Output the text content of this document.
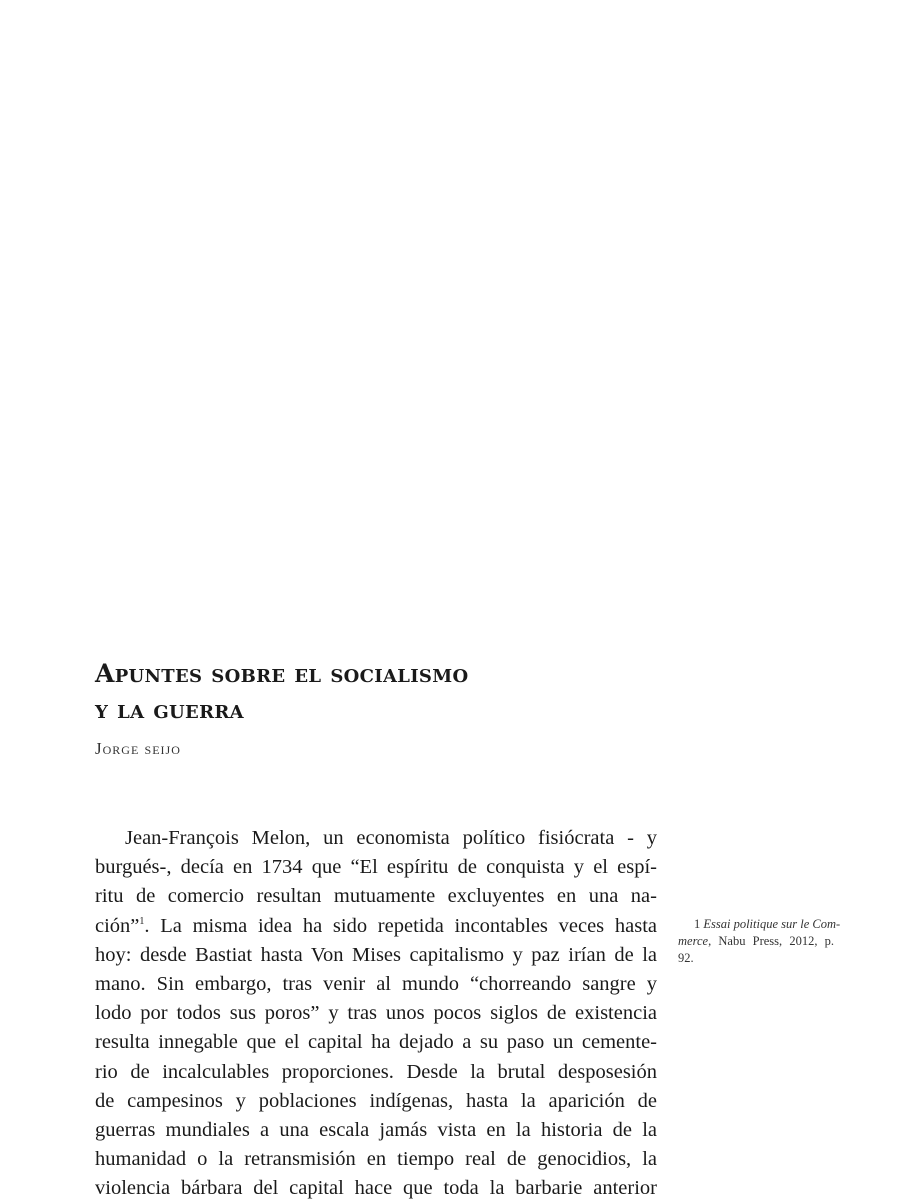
Apuntes sobre el socialismo
y la guerra

Jorge seijo

Jean-François Melon, un economista político fisiócrata - y
burgués-, decía en 1734 que “El espíritu de conquista y el espí-
ritu de comercio resultan mutuamente excluyentes en una na-
ción”$^1$. La misma idea ha sido repetida incontables veces hasta
hoy: desde Bastiat hasta Von Mises capitalismo y paz irían de la
mano. Sin embargo, tras venir al mundo “chorreando sangre y
lodo por todos sus poros” y tras unos pocos siglos de existencia
resulta innegable que el capital ha dejado a su paso un cemente-
rio de incalculables proporciones. Desde la brutal desposesión
de campesinos y poblaciones indígenas, hasta la aparición de
guerras mundiales a una escala jamás vista en la historia de la
humanidad o la retransmisión en tiempo real de genocidios, la
violencia bárbara del capital hace que toda la barbarie anterior
1 Essai politique sur le Com-
merce, Nabu Press, 2012, p.
92.
